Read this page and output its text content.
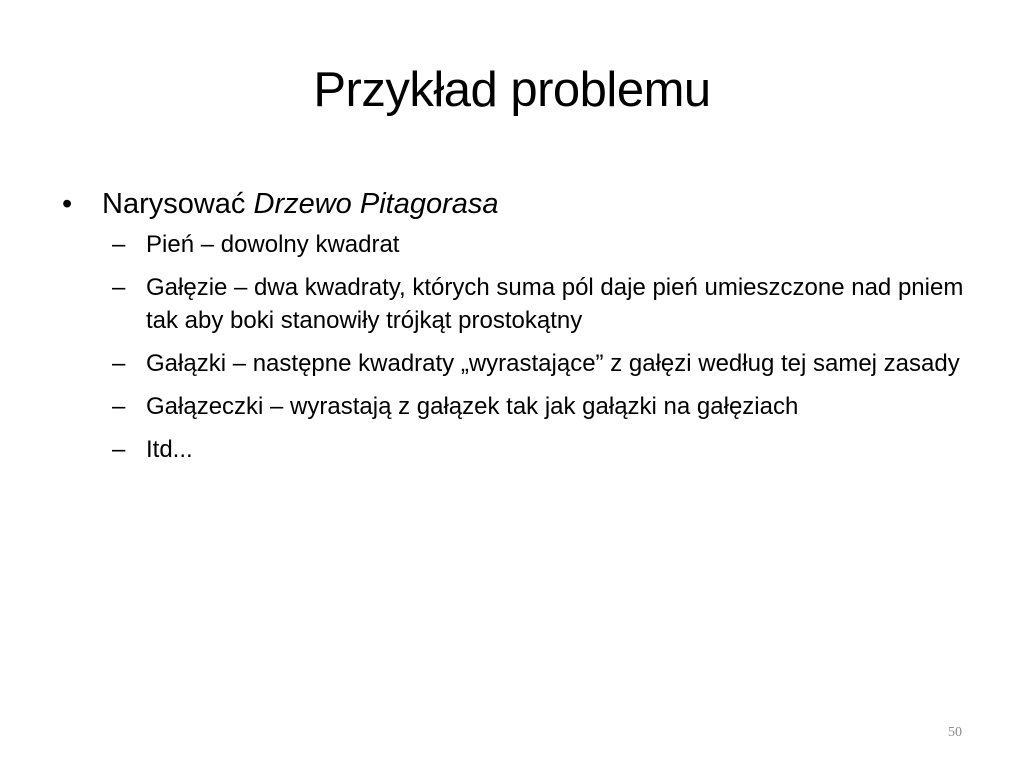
Przykład problemu
•	Narysować Drzewo Pitagorasa
– Pień – dowolny kwadrat
– Gałęzie – dwa kwadraty, których suma pól daje pień umieszczone nad pniem tak aby boki stanowiły trójkąt prostokątny
– Gałązki – następne kwadraty „wyrastające” z gałęzi według tej samej zasady
– Gałązeczki – wyrastają z gałązek tak jak gałązki na gałęziach
– Itd...
50
